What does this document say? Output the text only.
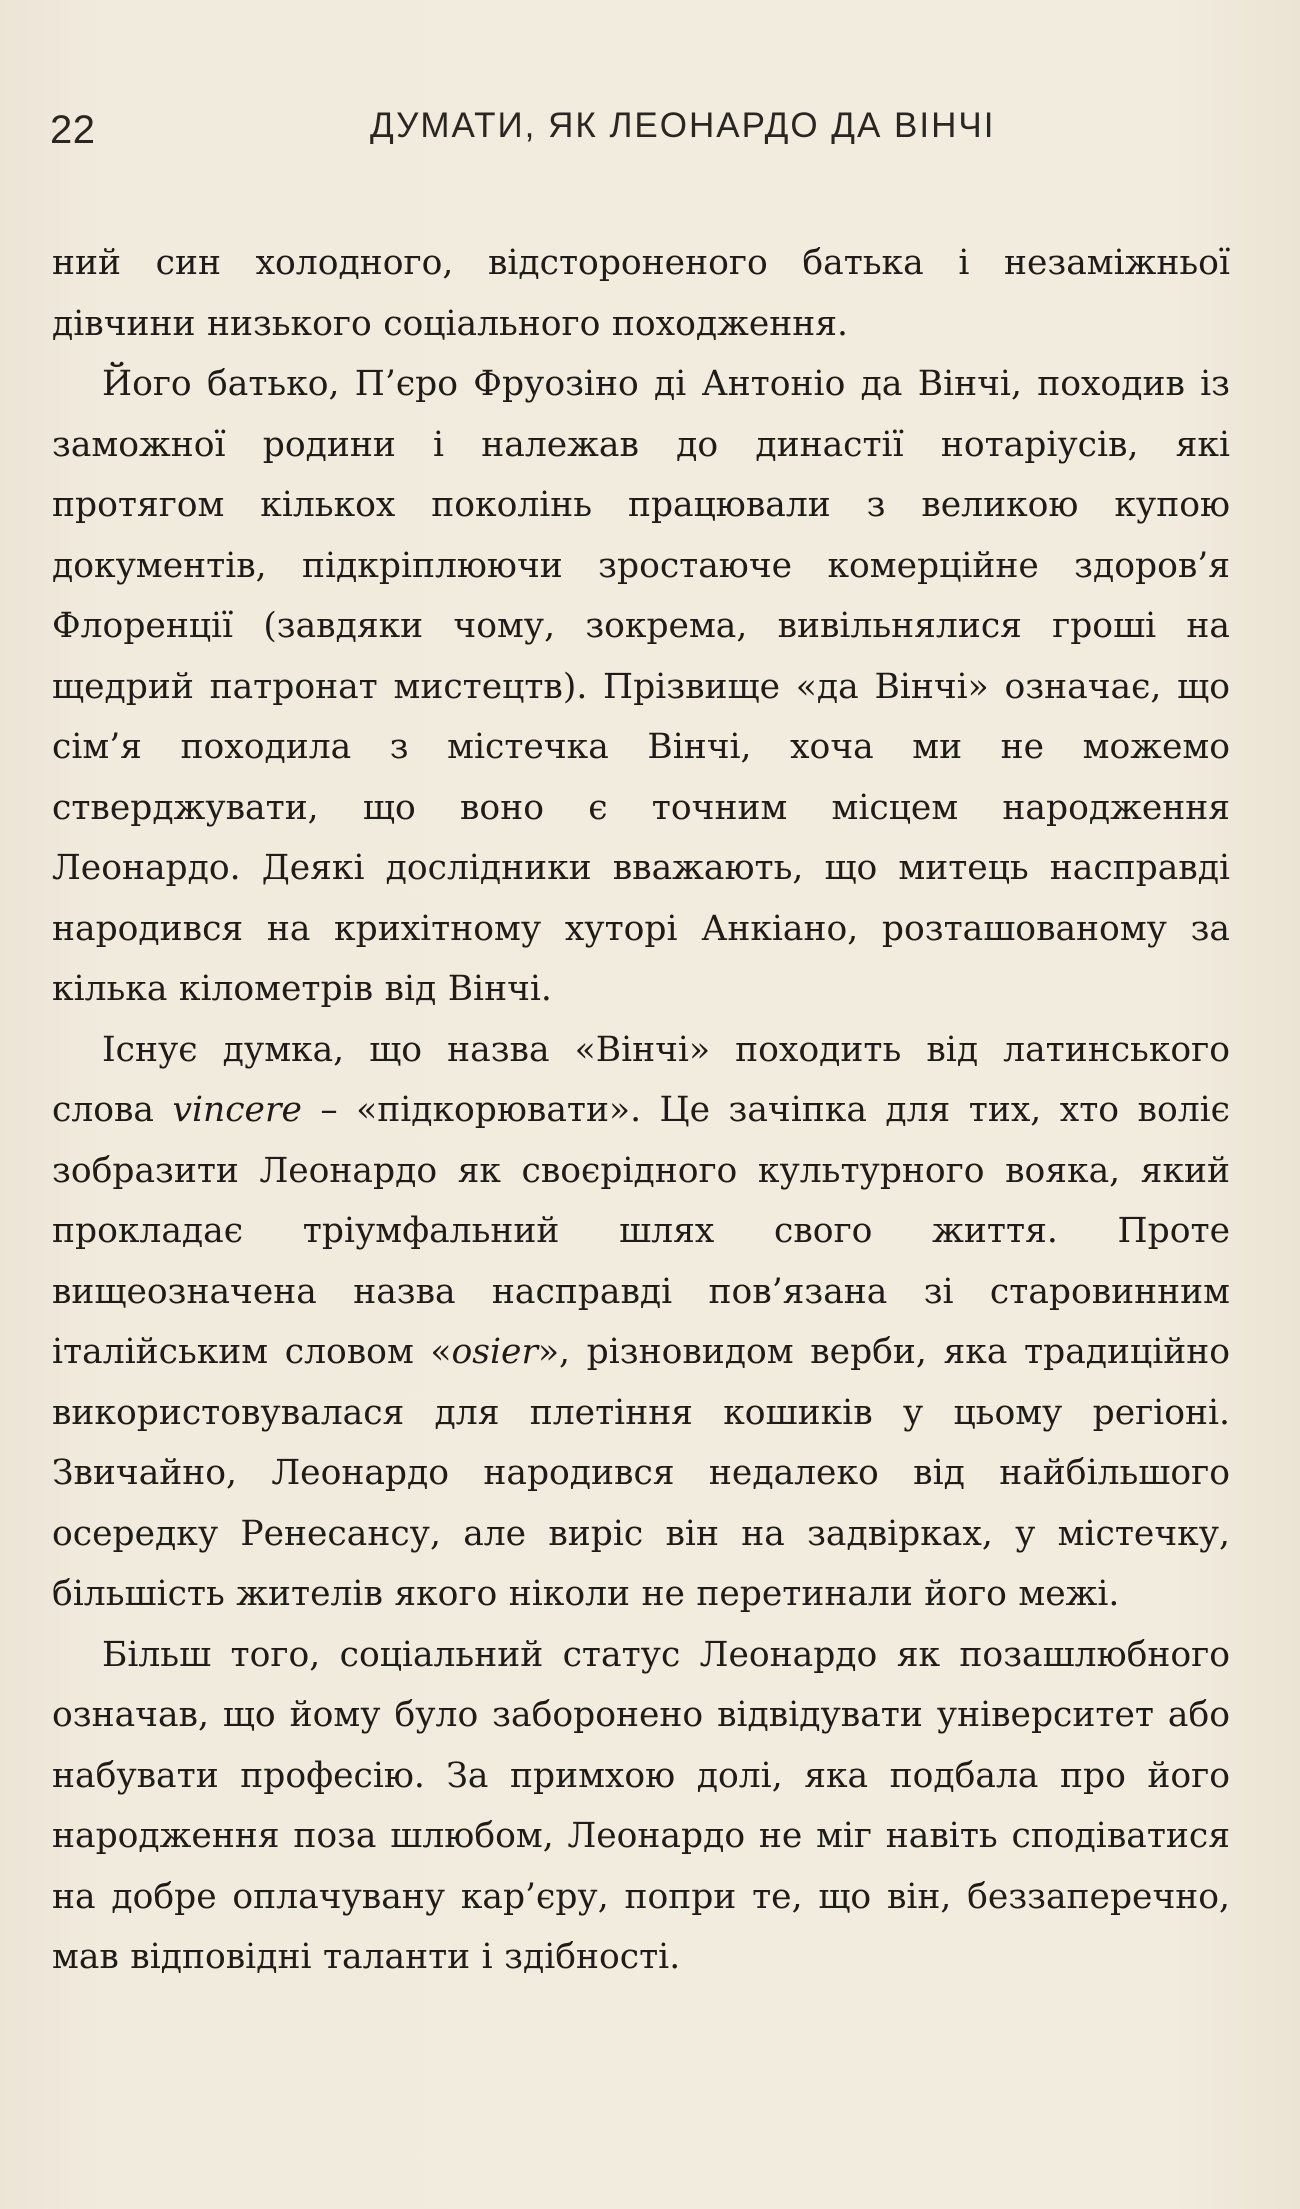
22	ДУМАТИ, ЯК ЛЕОНАРДО ДА ВІНЧІ

ний син холодного, відстороненого батька і незаміжньої дівчини низького соціального походження.

Його батько, П’єро Фруозіно ді Антоніо да Вінчі, походив із заможної родини і належав до династії нотаріусів, які протягом кількох поколінь працювали з великою купою документів, підкріплюючи зростаюче комерційне здоров’я Флоренції (завдяки чому, зокрема, вивільнялися гроші на щедрий патронат мистецтв). Прізвище «да Вінчі» означає, що сім’я походила з містечка Вінчі, хоча ми не можемо стверджувати, що воно є точним місцем народження Леонардо. Деякі дослідники вважають, що митець насправді народився на крихітному хуторі Анкіано, розташованому за кілька кілометрів від Вінчі.

Існує думка, що назва «Вінчі» походить від латинського слова vincere – «підкорювати». Це зачіпка для тих, хто воліє зобразити Леонардо як своєрідного культурного вояка, який прокладає тріумфальний шлях свого життя. Проте вищеозначена назва насправді пов’язана зі старовинним італійським словом «osier», різновидом верби, яка традиційно використовувалася для плетіння кошиків у цьому регіоні. Звичайно, Леонардо народився недалеко від найбільшого осередку Ренесансу, але виріс він на задвірках, у містечку, більшість жителів якого ніколи не перетинали його межі.

Більш того, соціальний статус Леонардо як позашлюбного означав, що йому було заборонено відвідувати університет або набувати професію. За примхою долі, яка подбала про його народження поза шлюбом, Леонардо не міг навіть сподіватися на добре оплачувану кар’єру, попри те, що він, беззаперечно, мав відповідні таланти і здібності.
